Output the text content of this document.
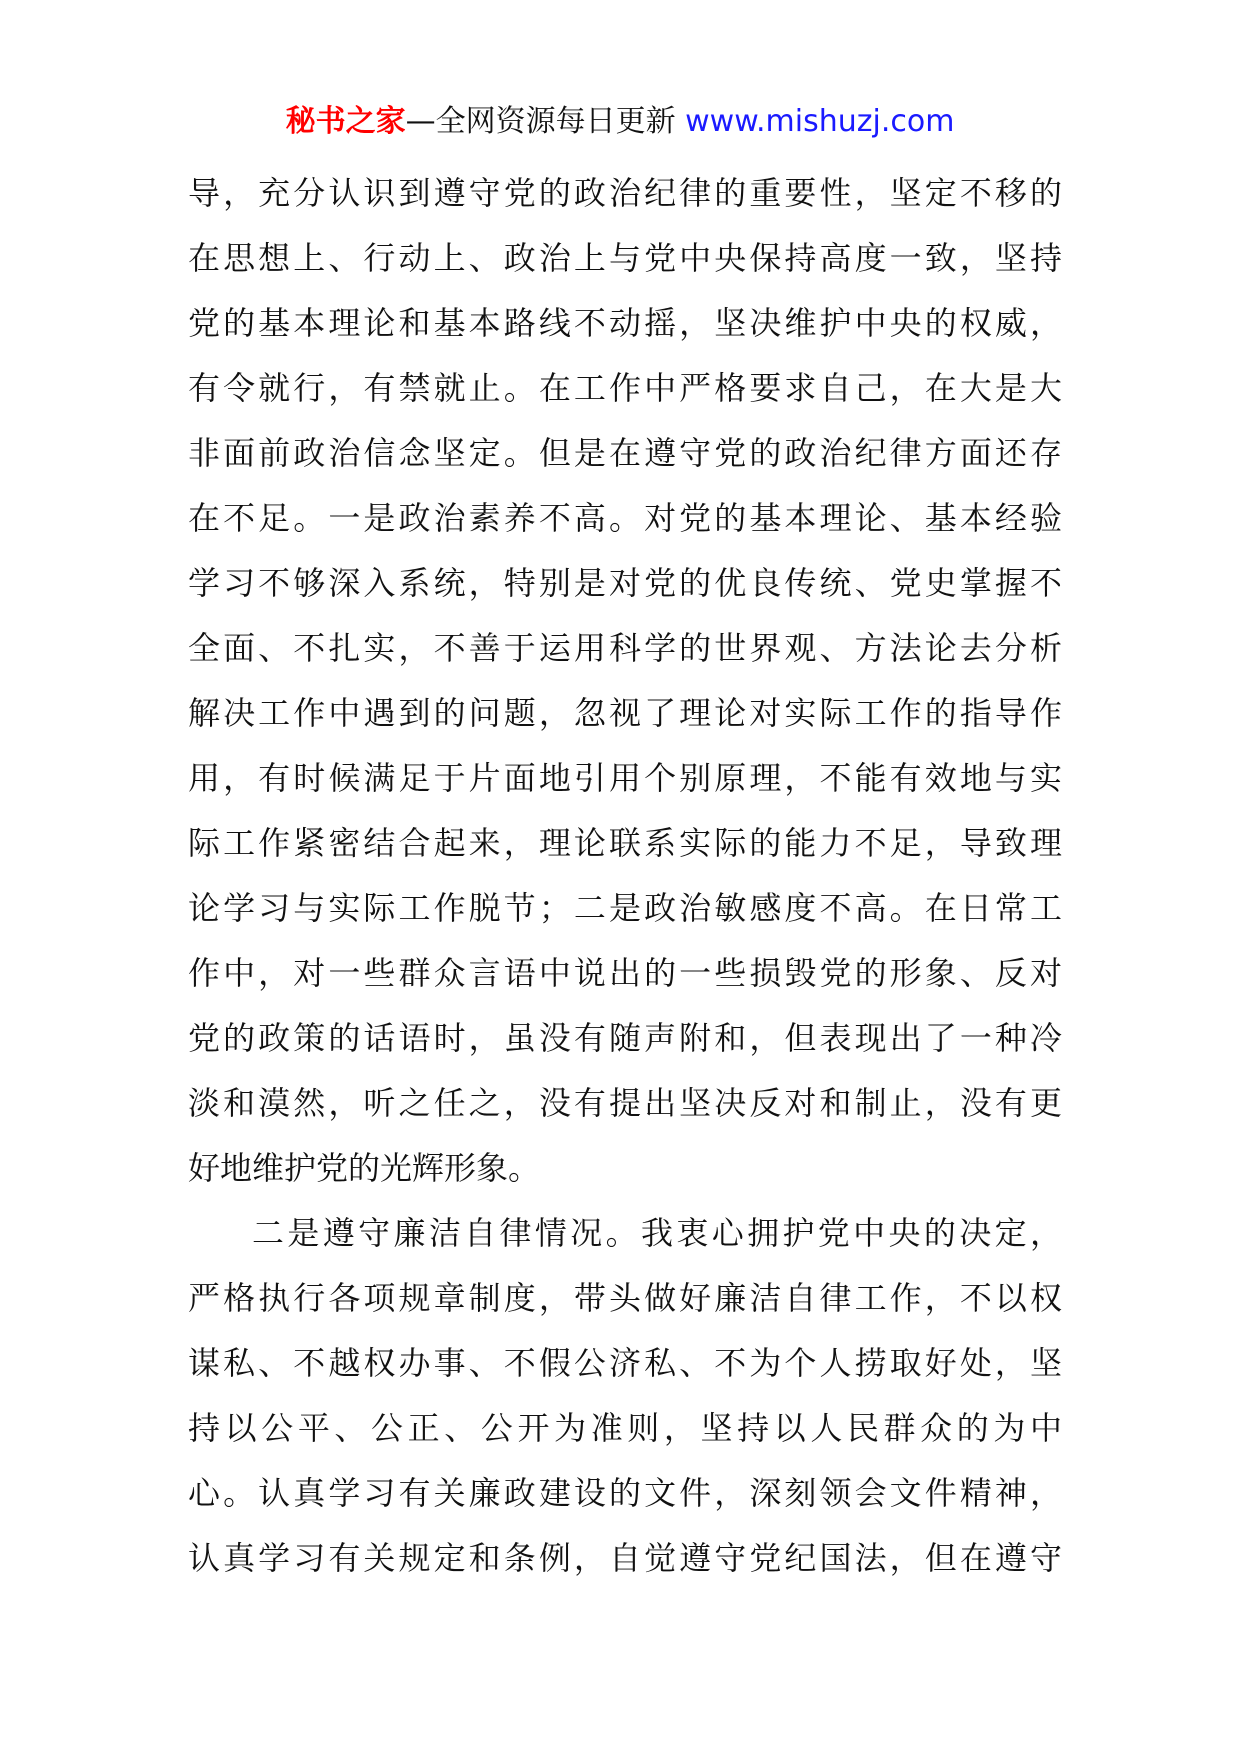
秘书之家—全网资源每日更新 www.mishuzj.com
导，充分认识到遵守党的政治纪律的重要性，坚定不移的
在思想上、行动上、政治上与党中央保持高度一致，坚持
党的基本理论和基本路线不动摇，坚决维护中央的权威，
有令就行，有禁就止。在工作中严格要求自己，在大是大
非面前政治信念坚定。但是在遵守党的政治纪律方面还存
在不足。一是政治素养不高。对党的基本理论、基本经验
学习不够深入系统，特别是对党的优良传统、党史掌握不
全面、不扎实，不善于运用科学的世界观、方法论去分析
解决工作中遇到的问题，忽视了理论对实际工作的指导作
用，有时候满足于片面地引用个别原理，不能有效地与实
际工作紧密结合起来，理论联系实际的能力不足，导致理
论学习与实际工作脱节；二是政治敏感度不高。在日常工
作中，对一些群众言语中说出的一些损毁党的形象、反对
党的政策的话语时，虽没有随声附和，但表现出了一种冷
淡和漠然，听之任之，没有提出坚决反对和制止，没有更
好地维护党的光辉形象。
二是遵守廉洁自律情况。我衷心拥护党中央的决定，
严格执行各项规章制度，带头做好廉洁自律工作，不以权
谋私、不越权办事、不假公济私、不为个人捞取好处，坚
持以公平、公正、公开为准则，坚持以人民群众的为中
心。认真学习有关廉政建设的文件，深刻领会文件精神，
认真学习有关规定和条例，自觉遵守党纪国法，但在遵守
